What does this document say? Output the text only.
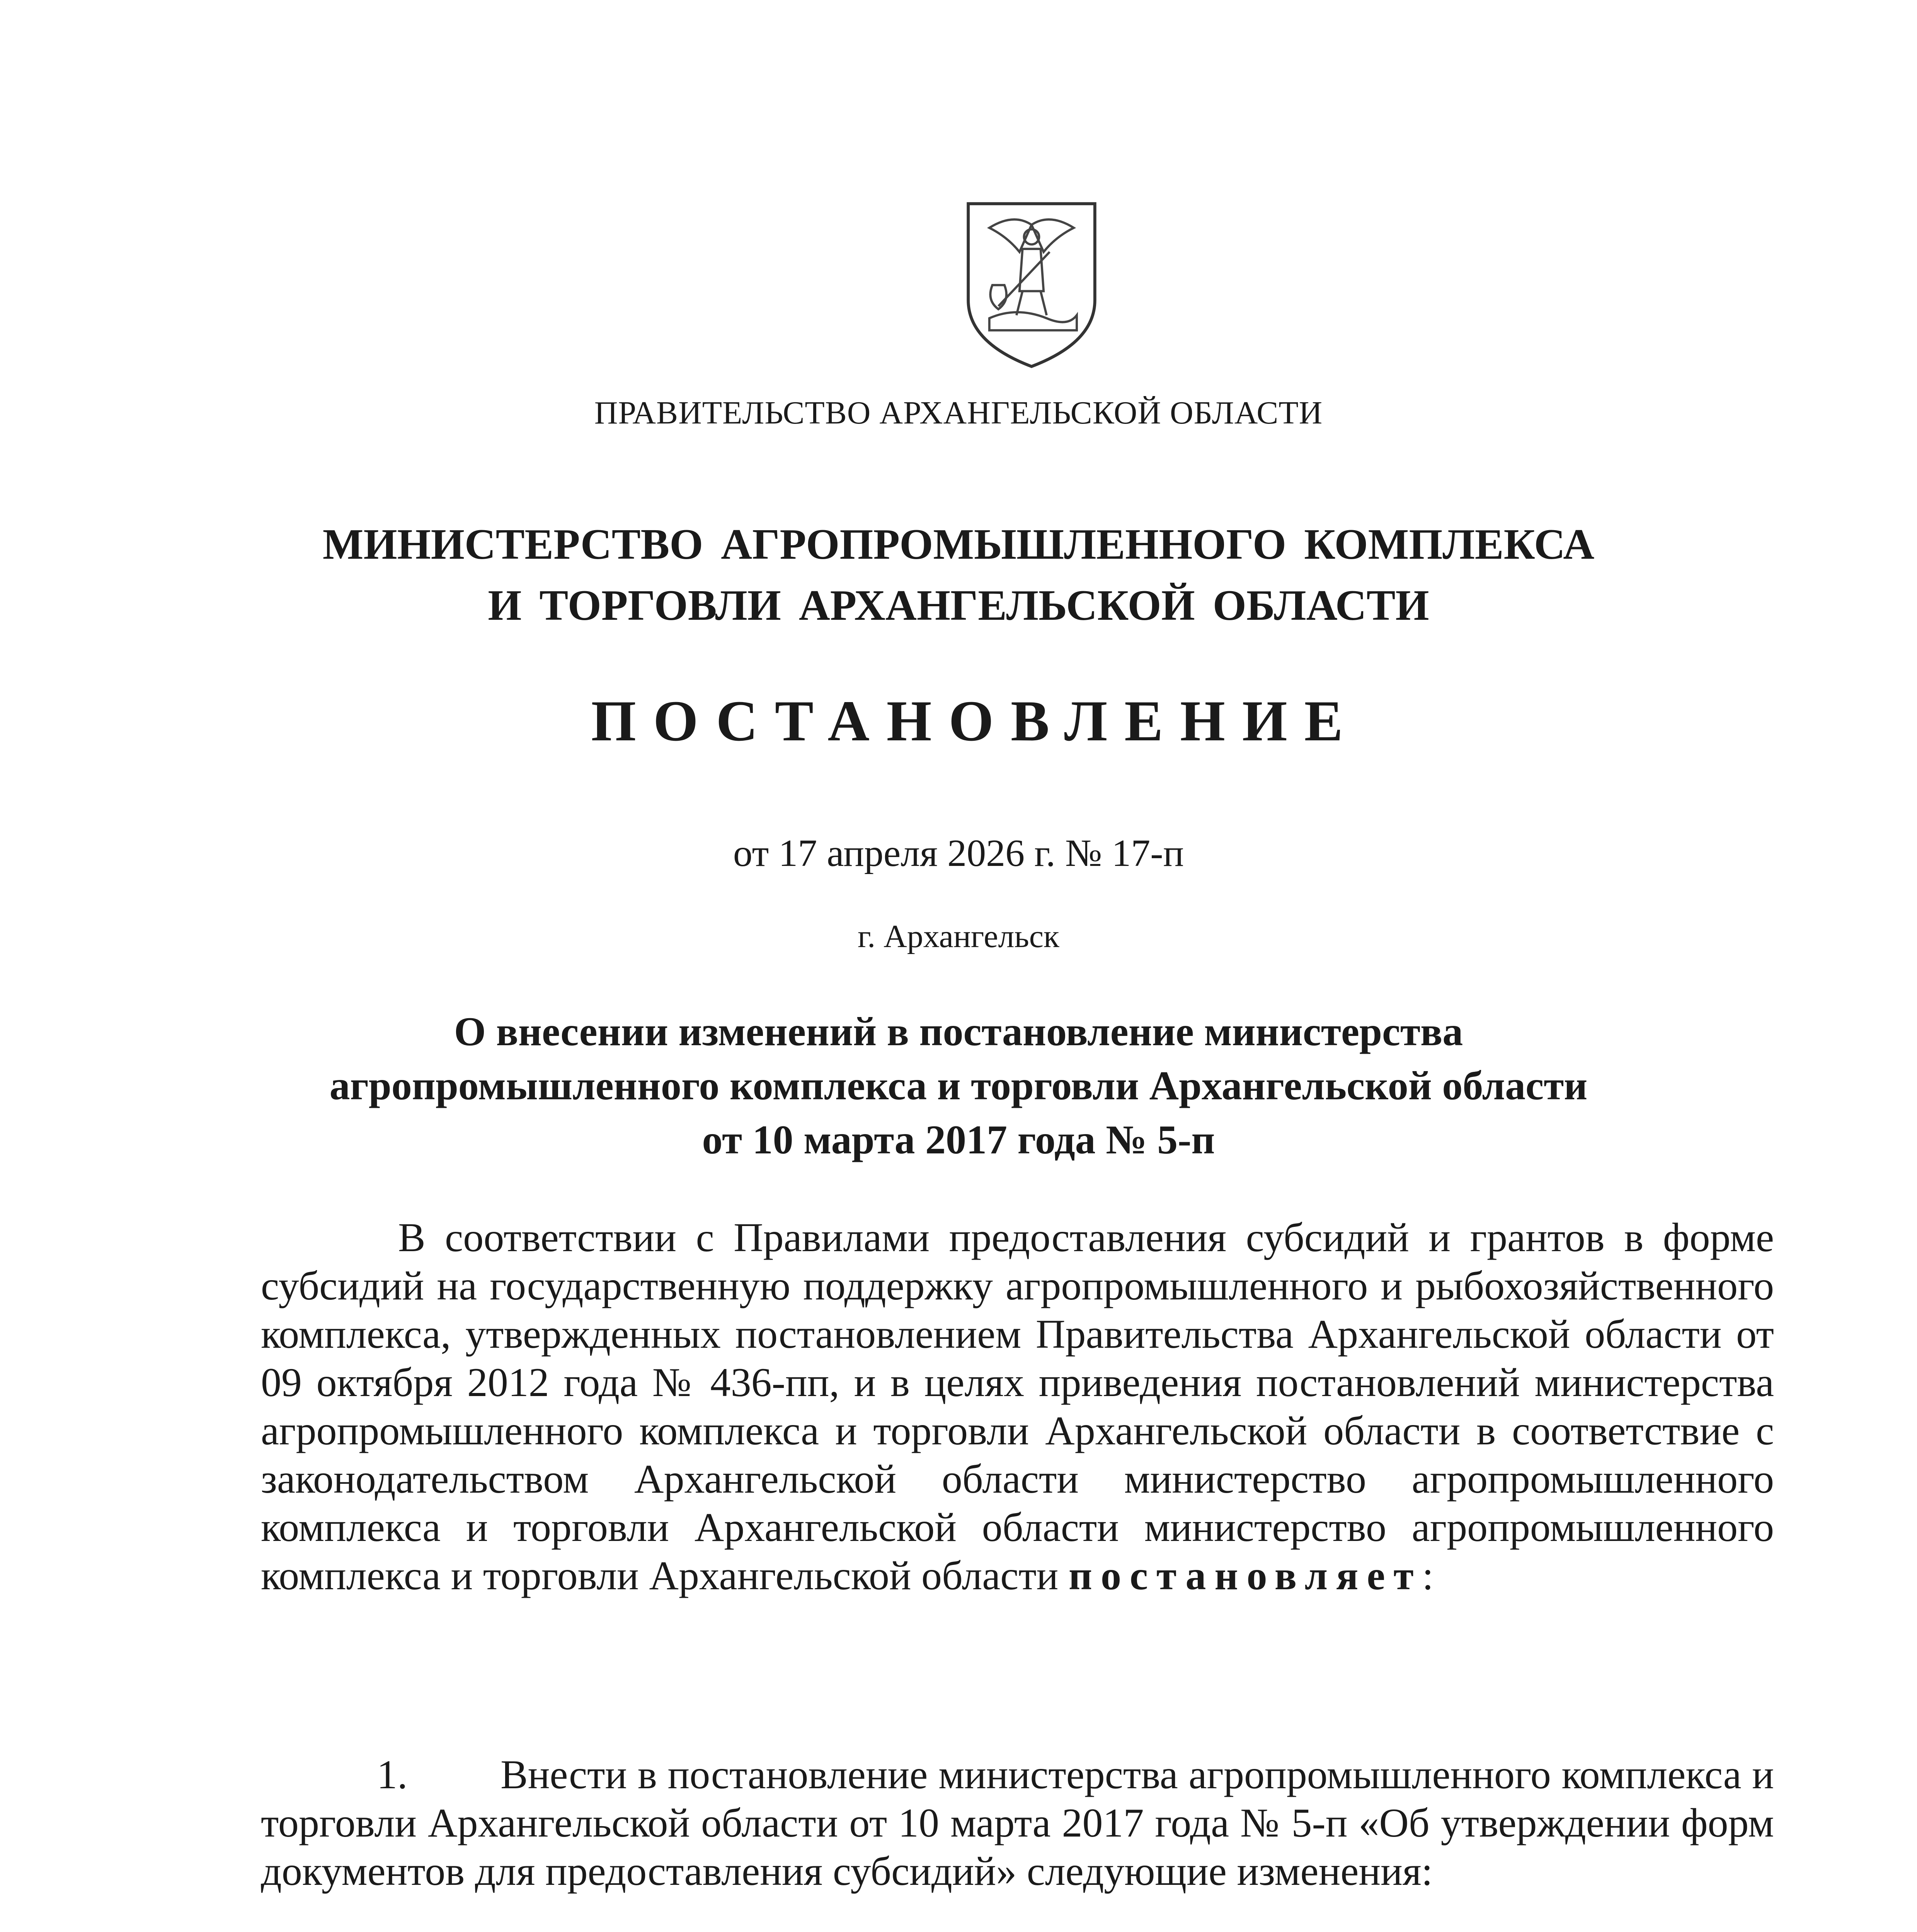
ПРАВИТЕЛЬСТВО АРХАНГЕЛЬСКОЙ ОБЛАСТИ
МИНИСТЕРСТВО АГРОПРОМЫШЛЕННОГО КОМПЛЕКСА
И ТОРГОВЛИ АРХАНГЕЛЬСКОЙ ОБЛАСТИ
ПОСТАНОВЛЕНИЕ
от 17 апреля 2026 г. № 17-п
г. Архангельск
О внесении изменений в постановление министерства
агропромышленного комплекса и торговли Архангельской области
от 10 марта 2017 года № 5-п
В соответствии с Правилами предоставления субсидий и грантов в форме субсидий на государственную поддержку агропромышленного и рыбохозяйственного комплекса, утвержденных постановлением Правительства Архангельской области от 09 октября 2012 года № 436-пп, и в целях приведения постановлений министерства агропромышленного комплекса и торговли Архангельской области в соответствие с законодательством Архангельской области министерство агропромышленного комплекса и торговли Архангельской области министерство агропромышленного комплекса и торговли Архангельской области постановляет:
1. Внести в постановление министерства агропромышленного комплекса и торговли Архангельской области от 10 марта 2017 года № 5-п «Об утверждении форм документов для предоставления субсидий» следующие изменения:
